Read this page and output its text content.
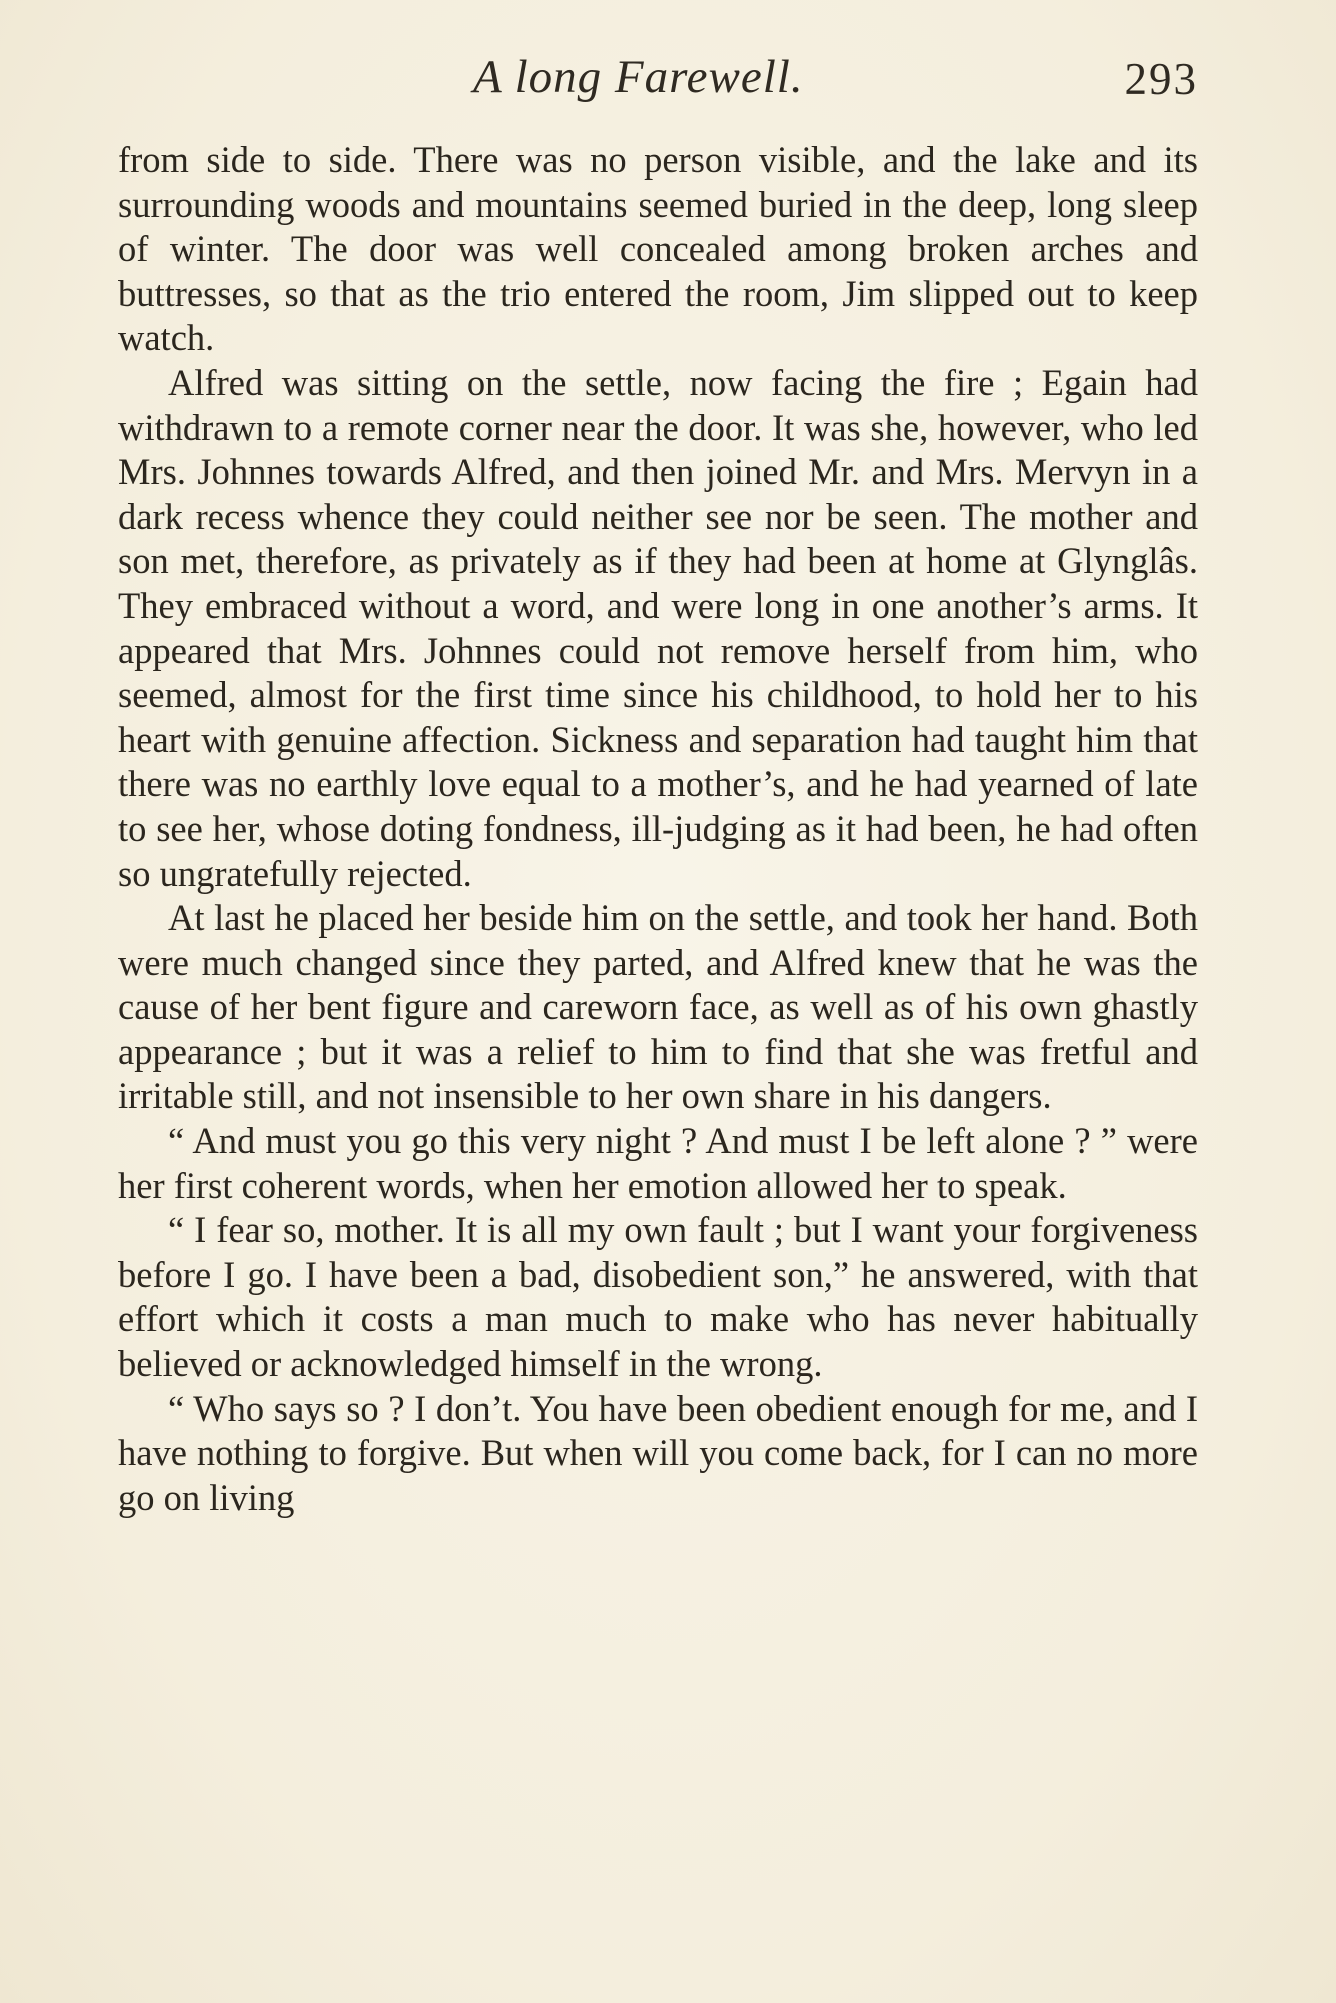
A long Farewell.	293

from side to side. There was no person visible, and the lake and its surrounding woods and mountains seemed buried in the deep, long sleep of winter. The door was well concealed among broken arches and buttresses, so that as the trio entered the room, Jim slipped out to keep watch.

Alfred was sitting on the settle, now facing the fire ; Egain had withdrawn to a remote corner near the door. It was she, however, who led Mrs. Johnnes towards Alfred, and then joined Mr. and Mrs. Mervyn in a dark recess whence they could neither see nor be seen. The mother and son met, therefore, as privately as if they had been at home at Glynglâs. They embraced without a word, and were long in one another’s arms. It appeared that Mrs. Johnnes could not remove herself from him, who seemed, almost for the first time since his childhood, to hold her to his heart with genuine affection. Sickness and separation had taught him that there was no earthly love equal to a mother’s, and he had yearned of late to see her, whose doting fondness, ill-judging as it had been, he had often so ungratefully rejected.

At last he placed her beside him on the settle, and took her hand. Both were much changed since they parted, and Alfred knew that he was the cause of her bent figure and careworn face, as well as of his own ghastly appearance ; but it was a relief to him to find that she was fretful and irritable still, and not insensible to her own share in his dangers.

“ And must you go this very night ? And must I be left alone ? ” were her first coherent words, when her emotion allowed her to speak.

“ I fear so, mother. It is all my own fault ; but I want your forgiveness before I go. I have been a bad, disobedient son,” he answered, with that effort which it costs a man much to make who has never habitually believed or acknowledged himself in the wrong.

“ Who says so ? I don’t. You have been obedient enough for me, and I have nothing to forgive. But when will you come back, for I can no more go on living
